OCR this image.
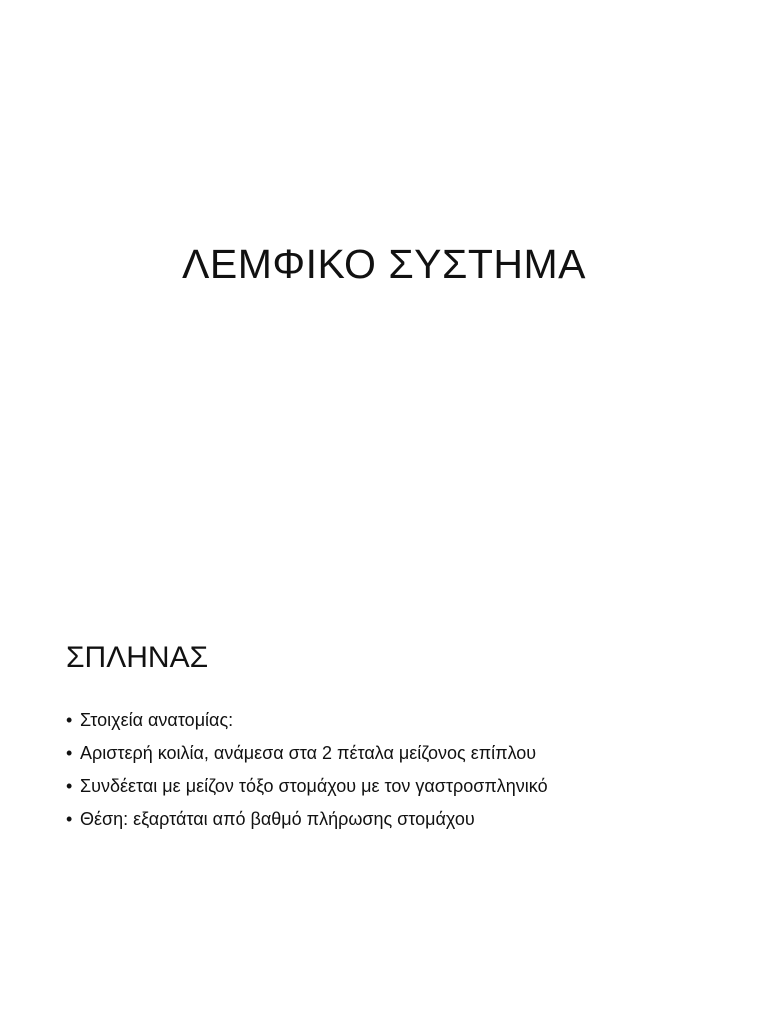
ΛΕΜΦΙΚΟ ΣΥΣΤΗΜΑ
ΣΠΛΗΝΑΣ
• Στοιχεία ανατομίας:
• Αριστερή κοιλία, ανάμεσα στα 2 πέταλα μείζονος επίπλου
• Συνδέεται με μείζον τόξο στομάχου με τον γαστροσπληνικό
• Θέση: εξαρτάται από βαθμό πλήρωσης στομάχου
